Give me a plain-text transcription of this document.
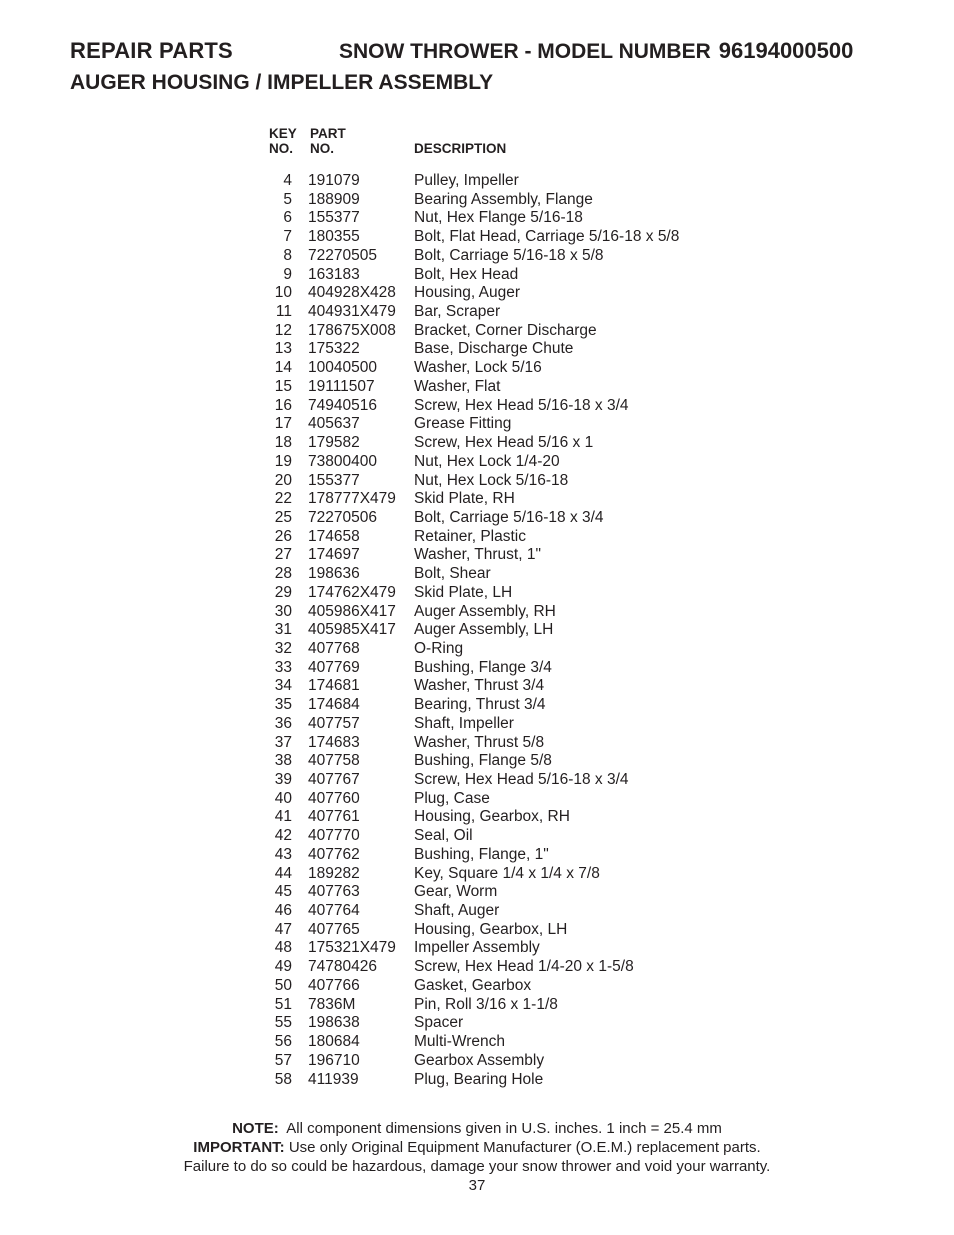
REPAIR PARTS	SNOW THROWER - MODEL NUMBER 96194000500
AUGER HOUSING / IMPELLER ASSEMBLY
KEY
NO.
PART
NO.	DESCRIPTION
4 191079	Pulley, Impeller
5 188909	Bearing Assembly, Flange
6 155377	Nut, Hex Flange 5/16-18
7 180355	Bolt, Flat Head, Carriage 5/16-18 x 5/8
8 72270505 Bolt, Carriage 5/16-18 x 5/8
9 163183	Bolt, Hex Head
10 404928X428 Housing, Auger
11 404931X479 Bar, Scraper
12 178675X008 Bracket, Corner Discharge
13 175322	Base, Discharge Chute
14 10040500 Washer, Lock 5/16
15 19111507	Washer, Flat
16 74940516 Screw, Hex Head 5/16-18 x 3/4
17 405637	Grease Fitting
18 179582	Screw, Hex Head 5/16 x 1
19 73800400 Nut, Hex Lock 1/4-20
20 155377	Nut, Hex Lock 5/16-18
22 178777X479 Skid Plate, RH
25 72270506 Bolt, Carriage 5/16-18 x 3/4
26 174658	Retainer, Plastic
27 174697	Washer, Thrust, 1"
28 198636	Bolt, Shear
29 174762X479 Skid Plate, LH
30 405986X417 Auger Assembly, RH
31 405985X417 Auger Assembly, LH
32 407768	O-Ring
33 407769	Bushing, Flange 3/4
34 174681	Washer, Thrust 3/4
35 174684	Bearing, Thrust 3/4
36 407757	Shaft, Impeller
37 174683	Washer, Thrust 5/8
38 407758	Bushing, Flange 5/8
39 407767	Screw, Hex Head 5/16-18 x 3/4
40 407760	Plug, Case
41 407761	Housing, Gearbox, RH
42 407770	Seal, Oil
43 407762	Bushing, Flange, 1"
44 189282	Key, Square 1/4 x 1/4 x 7/8
45 407763	Gear, Worm
46 407764	Shaft, Auger
47 407765	Housing, Gearbox, LH
48 175321X479 Impeller Assembly
49 74780426 Screw, Hex Head 1/4-20 x 1-5/8
50 407766	Gasket, Gearbox
51 7836M	Pin, Roll 3/16 x 1-1/8
55 198638	Spacer
56 180684	Multi-Wrench
57 196710	Gearbox Assembly
58 411939	Plug, Bearing Hole
NOTE: All component dimensions given in U.S. inches. 1 inch = 25.4 mm
IMPORTANT: Use only Original Equipment Manufacturer (O.E.M.) replacement parts.
Failure to do so could be hazardous, damage your snow thrower and void your warranty.
37
